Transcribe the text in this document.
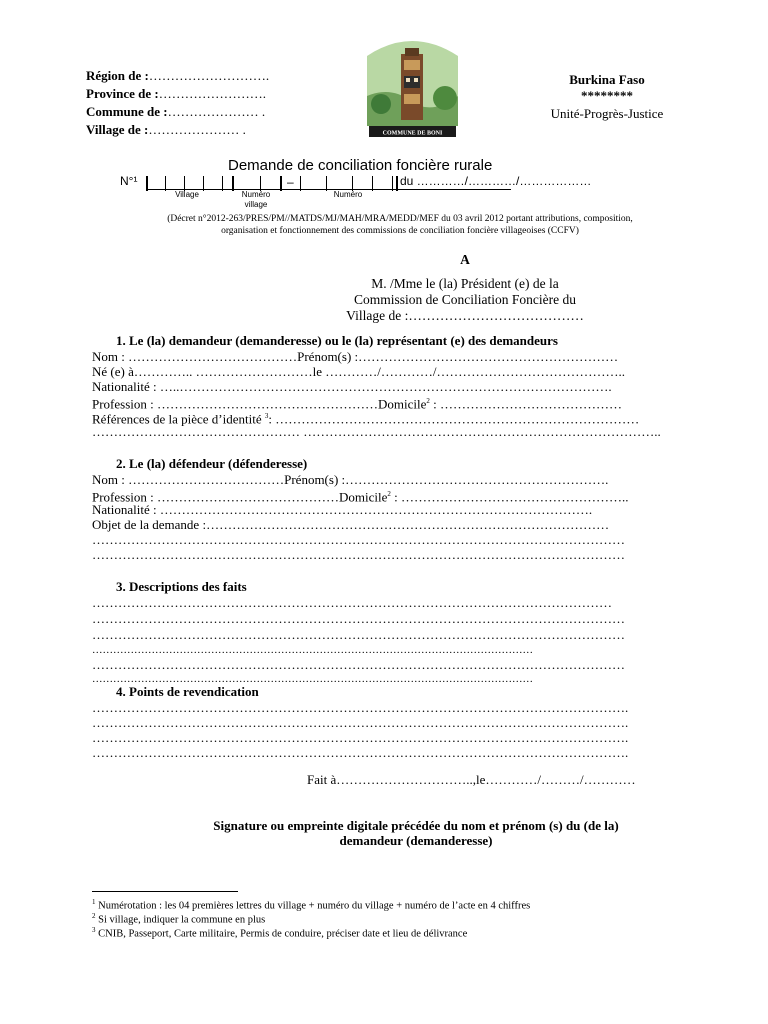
Région de :……………………….
Province de :…………………….
Commune de :………………… .
Village de :………………… .	COMMUNE DE BONI
Burkina Faso
********
Unité-Progrès-Justice
Demande de conciliation foncière rurale
N°¹	–	du …………/…………/………………
Village	Numéro
village
Numéro
(Décret n°2012-263/PRES/PM//MATDS/MJ/MAH/MRA/MEDD/MEF du 03 avril 2012 portant attributions, composition,
organisation et fonctionnement des commissions de conciliation foncière villageoises (CCFV)
A
M. /Mme le (la) Président (e) de la
Commission de Conciliation Foncière du
Village de :…………………………………
1. Le (la) demandeur (demanderesse) ou le (la) représentant (e) des demandeurs
Nom : …………………………………Prénom(s) :……………………………………………………
Né (e) à………….. ………………………le …………/…………/……………………………………..
Nationalité : …..……………………………………………………………………………………….
Profession : ……………………………………………Domicile$^2$ : ……………………………………
Références de la pièce d’identité $^3$: …………………………………………………………………………
………………………………………… ………………………………………………………………………..
2. Le (la) défendeur (défenderesse)
Nom : ………………………………Prénom(s) :…………………………………………………….
Profession : ……………………………………Domicile$^2$ : ……………………………………………..
Nationalité : ……………………………………………………………………………………….
Objet de la demande :…………………………………………………………………………………
……………………………………………………………………………………………………………
……………………………………………………………………………………………………………
3. Descriptions des faits
…………………………………………………………………………………………………………
……………………………………………………………………………………………………………
……………………………………………………………………………………………………………
………………………………………………………………………………………………………………
……………………………………………………………………………………………………………
………………………………………………………………………………………………………………
4. Points de revendication
…………………………………………………………………………………………………………….
…………………………………………………………………………………………………………….
…………………………………………………………………………………………………………….
…………………………………………………………………………………………………………….
Fait à…………………………..,le…………/………/…………
Signature ou empreinte digitale précédée du nom et prénom (s) du (de la)
demandeur (demanderesse)
$^1$ Numérotation : les 04 premières lettres du village + numéro du village + numéro de l’acte en 4 chiffres
$^2$ Si village, indiquer la commune en plus
$^3$ CNIB, Passeport, Carte militaire, Permis de conduire, préciser date et lieu de délivrance
